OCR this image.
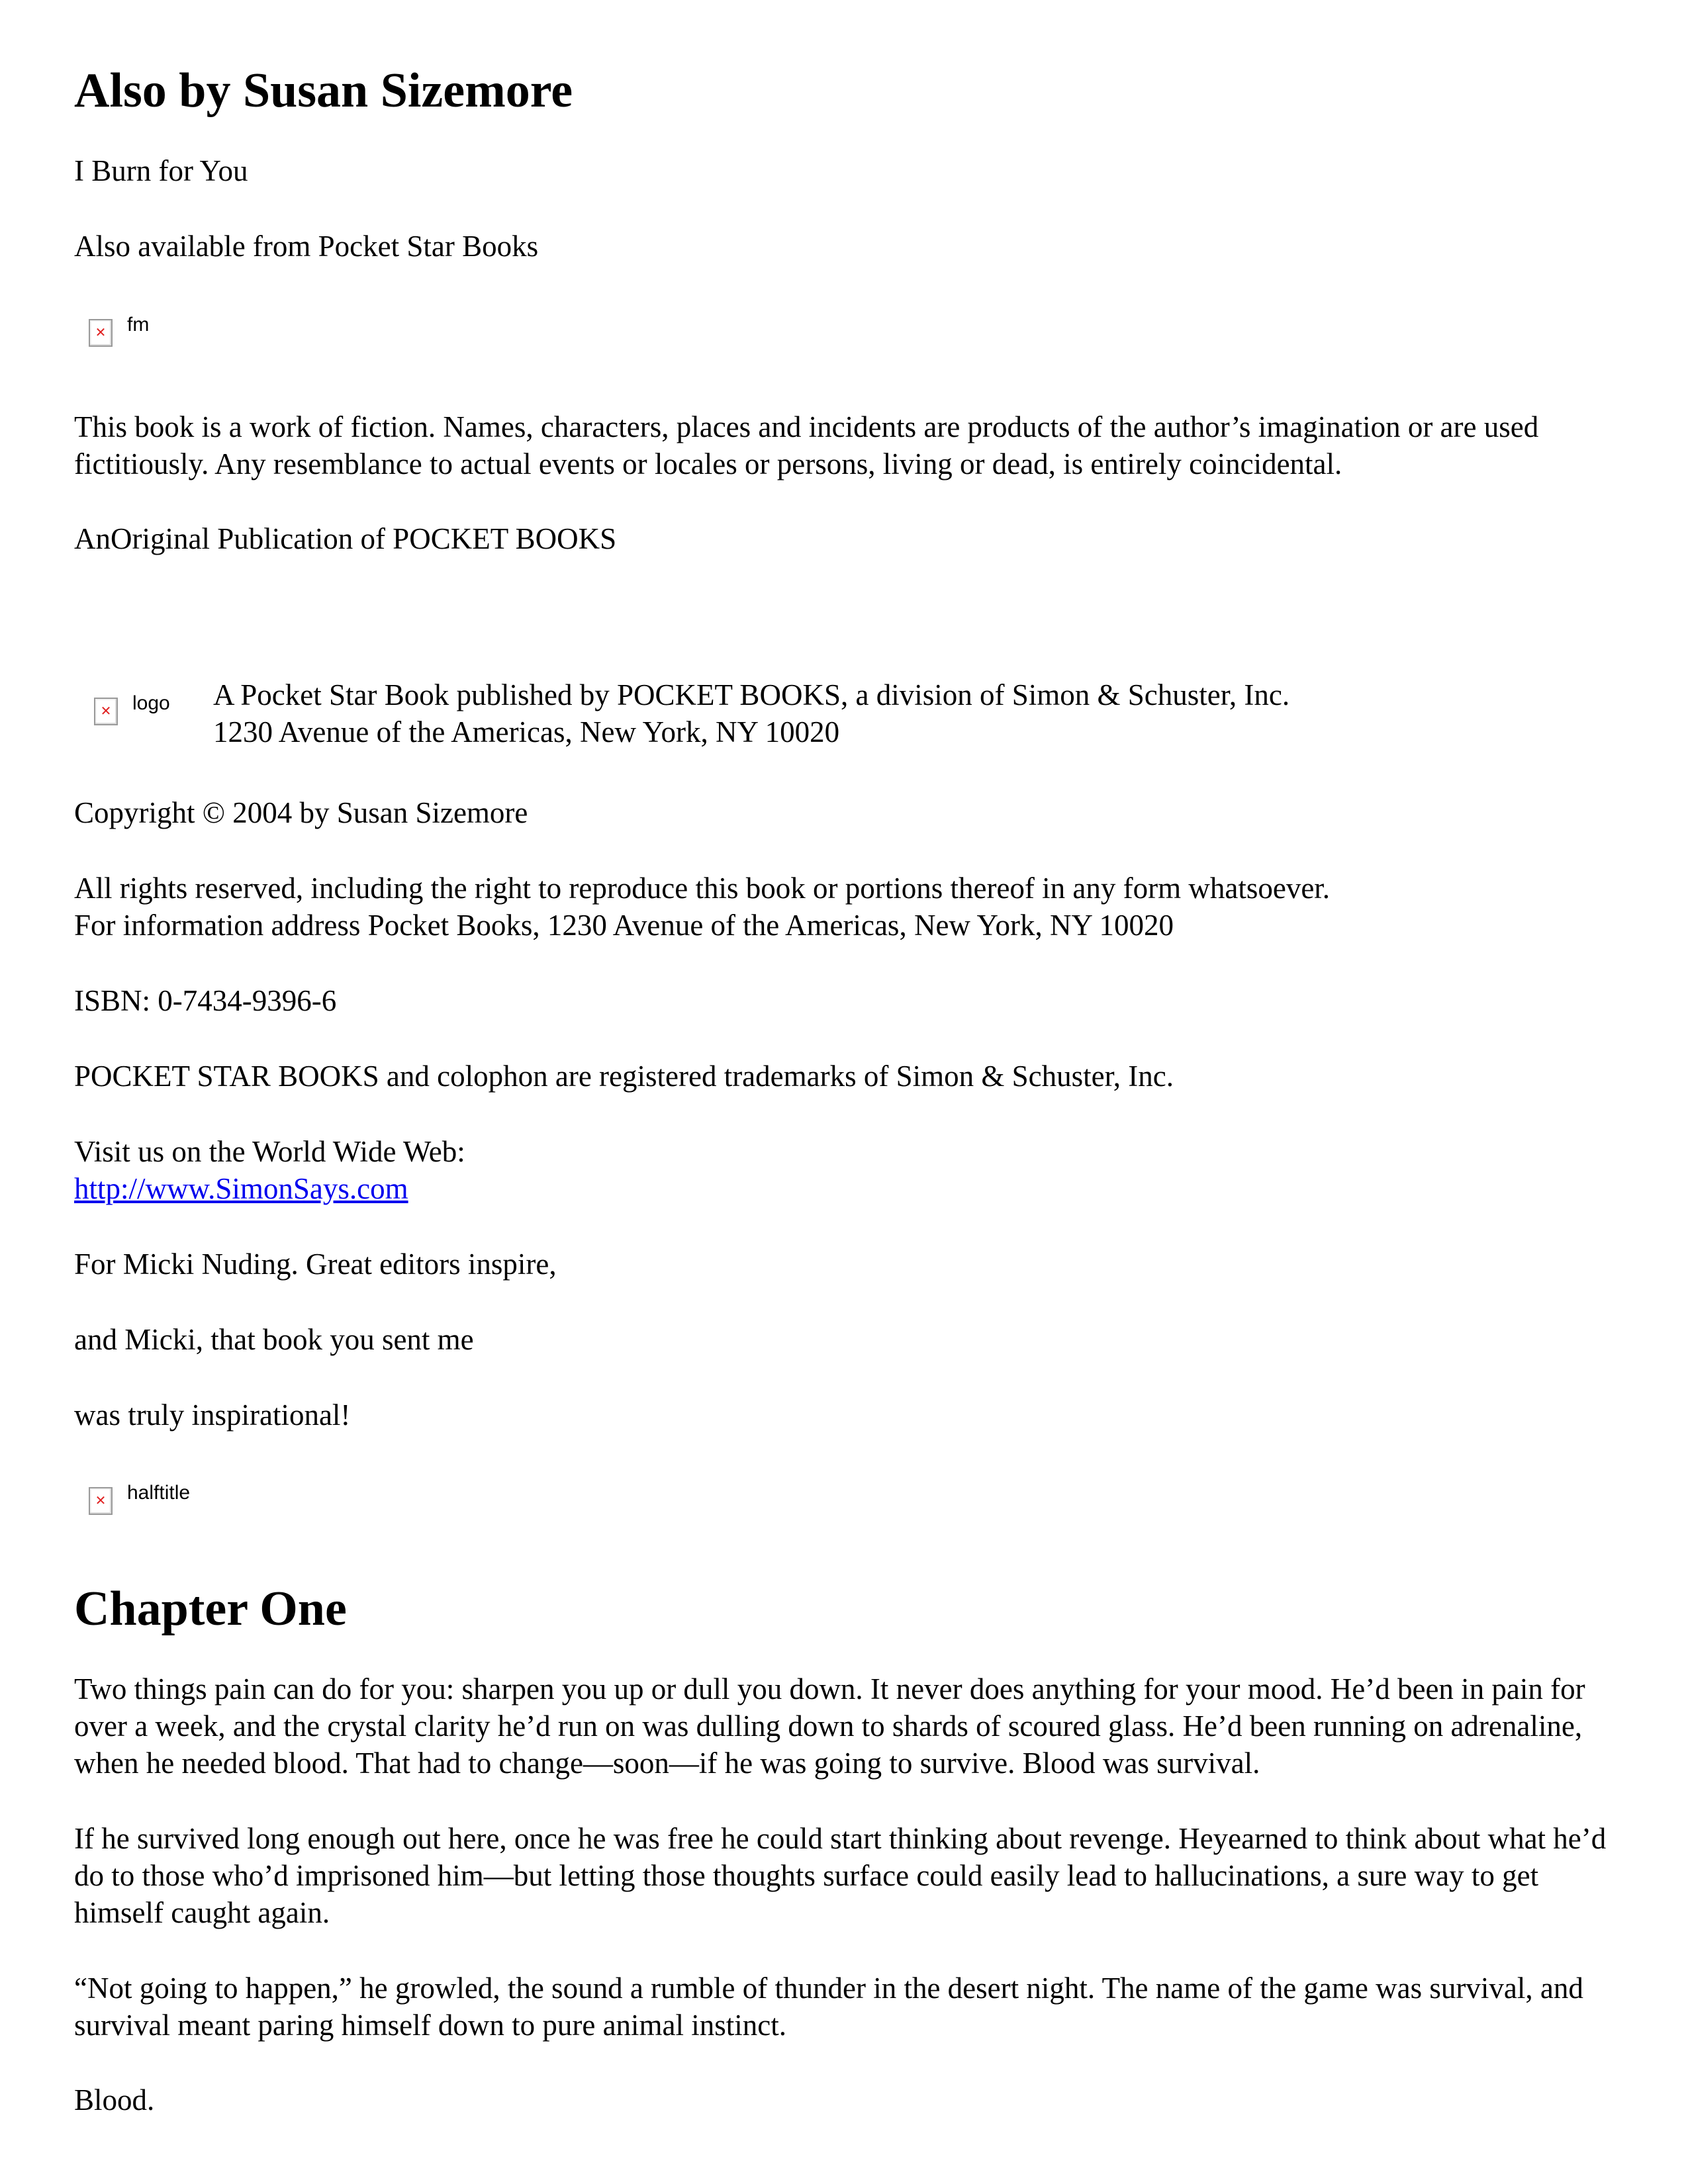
Also by Susan Sizemore

I Burn for You

Also available from Pocket Star Books

✕
fm

This book is a work of fiction. Names, characters, places and incidents are products of the author’s imagination or are used fictitiously. Any resemblance to actual events or locales or persons, living or dead, is entirely coincidental.

AnOriginal Publication of POCKET BOOKS

✕
logo A Pocket Star Book published by POCKET BOOKS, a division of Simon & Schuster, Inc.

1230 Avenue of the Americas, New York, NY 10020

Copyright © 2004 by Susan Sizemore

All rights reserved, including the right to reproduce this book or portions thereof in any form whatsoever.

For information address Pocket Books, 1230 Avenue of the Americas, New York, NY 10020

ISBN: 0-7434-9396-6

POCKET STAR BOOKS and colophon are registered trademarks of Simon & Schuster, Inc.

Visit us on the World Wide Web:

http://www.SimonSays.com

For Micki Nuding. Great editors inspire,

and Micki, that book you sent me

was truly inspirational!

✕
halftitle
Chapter One

Two things pain can do for you: sharpen you up or dull you down. It never does anything for your mood. He’d been in pain for over a week, and the crystal clarity he’d run on was dulling down to shards of scoured glass. He’d been running on adrenaline, when he needed blood. That had to change—soon—if he was going to survive. Blood was survival.

If he survived long enough out here, once he was free he could start thinking about revenge. Heyearned to think about what he’d do to those who’d imprisoned him—but letting those thoughts surface could easily lead to hallucinations, a sure way to get himself caught again.

“Not going to happen,” he growled, the sound a rumble of thunder in the desert night. The name of the game was survival, and survival meant paring himself down to pure animal instinct.

Blood.
